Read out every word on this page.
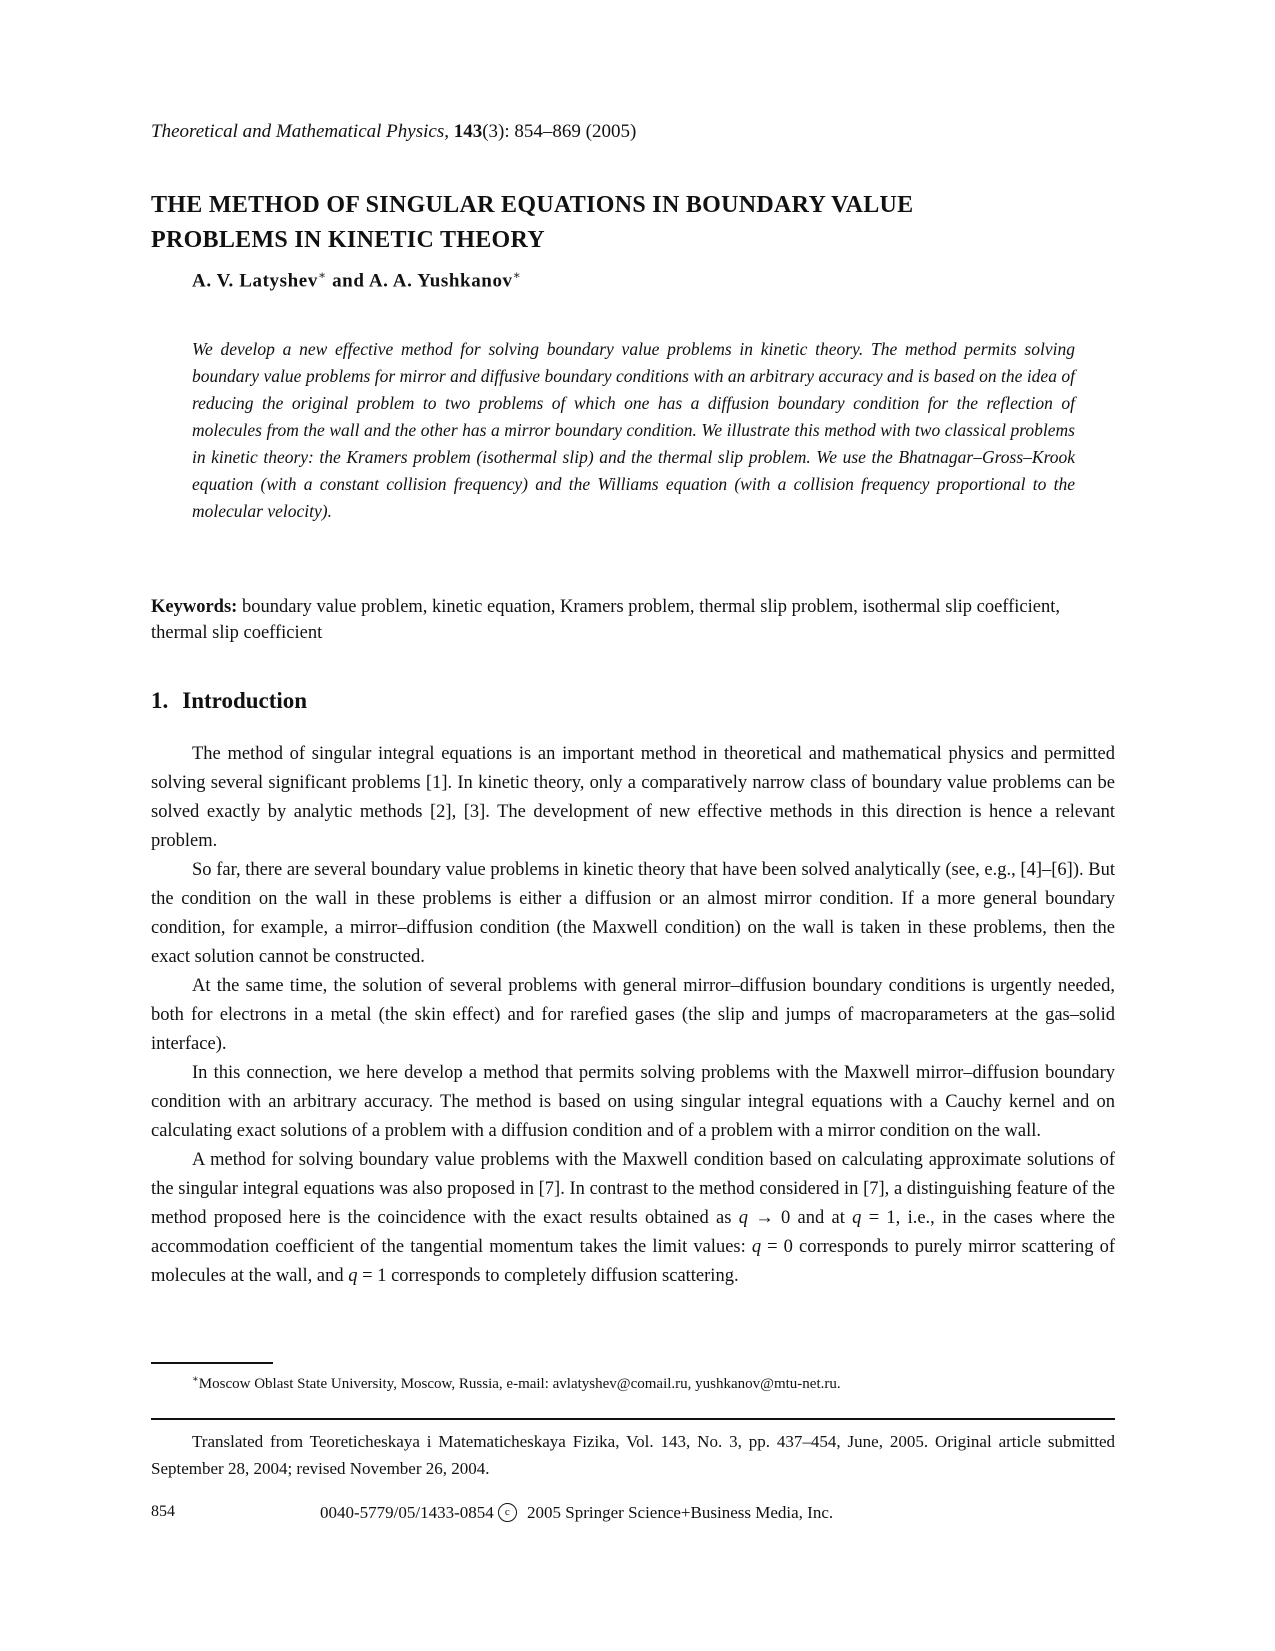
Theoretical and Mathematical Physics, 143(3): 854–869 (2005)
THE METHOD OF SINGULAR EQUATIONS IN BOUNDARY VALUE
PROBLEMS IN KINETIC THEORY
A. V. Latyshev∗ and A. A. Yushkanov∗
We develop a new effective method for solving boundary value problems in kinetic theory. The method permits solving boundary value problems for mirror and diffusive boundary conditions with an arbitrary accuracy and is based on the idea of reducing the original problem to two problems of which one has a diffusion boundary condition for the reflection of molecules from the wall and the other has a mirror boundary condition. We illustrate this method with two classical problems in kinetic theory: the Kramers problem (isothermal slip) and the thermal slip problem. We use the Bhatnagar–Gross–Krook equation (with a constant collision frequency) and the Williams equation (with a collision frequency proportional to the molecular velocity).
Keywords: boundary value problem, kinetic equation, Kramers problem, thermal slip problem, isothermal slip coefficient, thermal slip coefficient
1. Introduction

The method of singular integral equations is an important method in theoretical and mathematical physics and permitted solving several significant problems [1]. In kinetic theory, only a comparatively narrow class of boundary value problems can be solved exactly by analytic methods [2], [3]. The development of new effective methods in this direction is hence a relevant problem.

So far, there are several boundary value problems in kinetic theory that have been solved analytically (see, e.g., [4]–[6]). But the condition on the wall in these problems is either a diffusion or an almost mirror condition. If a more general boundary condition, for example, a mirror–diffusion condition (the Maxwell condition) on the wall is taken in these problems, then the exact solution cannot be constructed.

At the same time, the solution of several problems with general mirror–diffusion boundary conditions is urgently needed, both for electrons in a metal (the skin effect) and for rarefied gases (the slip and jumps of macroparameters at the gas–solid interface).

In this connection, we here develop a method that permits solving problems with the Maxwell mirror–diffusion boundary condition with an arbitrary accuracy. The method is based on using singular integral equations with a Cauchy kernel and on calculating exact solutions of a problem with a diffusion condition and of a problem with a mirror condition on the wall.

A method for solving boundary value problems with the Maxwell condition based on calculating approximate solutions of the singular integral equations was also proposed in [7]. In contrast to the method considered in [7], a distinguishing feature of the method proposed here is the coincidence with the exact results obtained as q → 0 and at q = 1, i.e., in the cases where the accommodation coefficient of the tangential momentum takes the limit values: q = 0 corresponds to purely mirror scattering of molecules at the wall, and q = 1 corresponds to completely diffusion scattering.

∗Moscow Oblast State University, Moscow, Russia, e-mail: avlatyshev@comail.ru, yushkanov@mtu-net.ru.
Translated from Teoreticheskaya i Matematicheskaya Fizika, Vol. 143, No. 3, pp. 437–454, June, 2005. Original article submitted September 28, 2004; revised November 26, 2004.
854	0040-5779/05/1433-0854 c 2005 Springer Science+Business Media, Inc.
